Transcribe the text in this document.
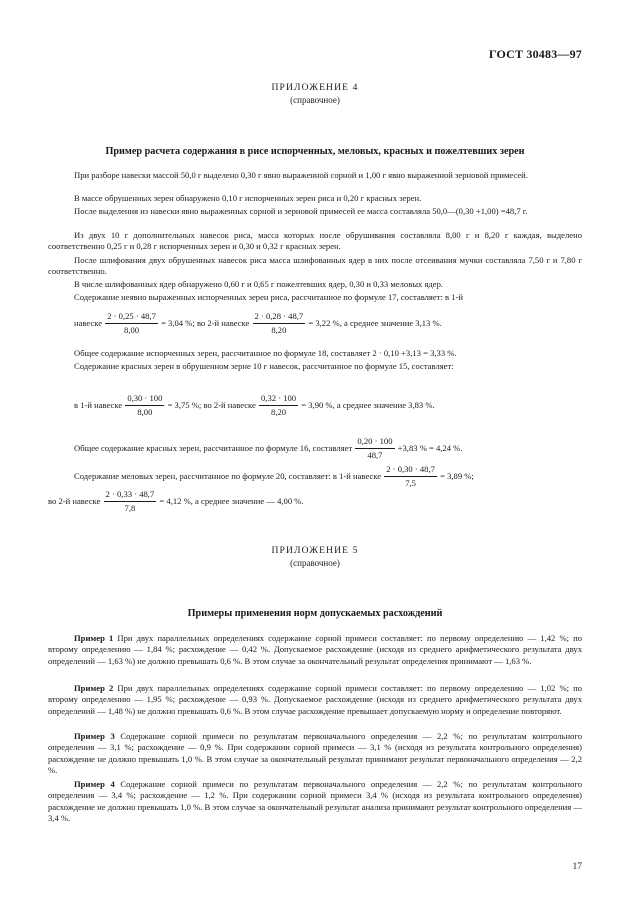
ГОСТ 30483—97
ПРИЛОЖЕНИЕ 4
(справочное)
Пример расчета содержания в рисе испорченных, меловых, красных и пожелтевших зерен
При разборе навески массой 50,0 г выделено 0,30 г явно выраженной сорной и 1,00 г явно выраженной зерновой примесей.
В массе обрушенных зерен обнаружено 0,10 г испорченных зерен риса и 0,20 г красных зерен.
После выделения из навески явно выраженных сорной и зерновой примесей ее масса составляла 50,0—(0,30 +1,00) =48,7 г.
Из двух 10 г дополнительных навесок риса, масса которых после обрушивания составляла 8,00 г и 8,20 г каждая, выделено соответственно 0,25 г и 0,28 г испорченных зерен и 0,30 и 0,32 г красных зерен.
После шлифования двух обрушенных навесок риса масса шлифованных ядер в них после отсеивания мучки составляла 7,50 г и 7,80 г соответственно.
В числе шлифованных ядер обнаружено 0,60 г и 0,65 г пожелтевших ядер, 0,30 и 0,33 меловых ядер.
Содержание неявно выраженных испорченных зерен риса, рассчитанное по формуле 17, составляет: в 1-й
навеске $\frac{2 \cdot 0,25 \cdot 48,7}{8,00} = 3,04$ %; во 2-й навеске $\frac{2 \cdot 0,28 \cdot 48,7}{8,20} = 3,22$ %, а среднее значение 3,13 %.
Общее содержание испорченных зерен, рассчитанное по формуле 18, составляет 2 · 0,10 +3,13 = 3,33 %.
Содержание красных зерен в обрушенном зерне 10 г навесок, рассчитанное по формуле 15, составляет:
в 1-й навеске $\frac{0,30 \cdot 100}{8,00} = 3,75$ %; во 2-й навеске $\frac{0,32 \cdot 100}{8,20} = 3,90$ %, а среднее значение 3,83 %.
Общее содержание красных зерен, рассчитанное по формуле 16, составляет $\frac{0,20 \cdot 100}{48,7} +3,83$ % = 4,24 %.
Содержание меловых зерен, рассчитанное по формуле 20, составляет: в 1-й навеске $\frac{2 \cdot 0,30 \cdot 48,7}{7,5} = 3,89$ %;
во 2-й навеске $\frac{2 \cdot 0,33 \cdot 48,7}{7,8} = 4,12$ %, а среднее значение — 4,00 %.
ПРИЛОЖЕНИЕ 5
(справочное)
Примеры применения норм допускаемых расхождений
Пример 1 При двух параллельных определениях содержание сорной примеси составляет: по первому определению — 1,42 %; по второму определению — 1,84 %; расхождение — 0,42 %. Допускаемое расхождение (исходя из среднего арифметического результата двух определений — 1,63 %) не должно превышать 0,6 %. В этом случае за окончательный результат определения принимают — 1,63 %.
Пример 2 При двух параллельных определениях содержание сорной примеси составляет: по первому определению — 1,02 %; по второму определению — 1,95 %; расхождение — 0,93 %. Допускаемое расхождение (исходя из среднего арифметического результата двух определений — 1,48 %) не должно превышать 0,6 %. В этом случае расхождение превышает допускаемую норму и определение повторяют.
Пример 3 Содержание сорной примеси по результатам первоначального определения — 2,2 %; по результатам контрольного определения — 3,1 %; расхождение — 0,9 %. При содержании сорной примеси — 3,1 % (исходя из результата контрольного определения) расхождение не должно превышать 1,0 %. В этом случае за окончательный результат принимают результат первоначального определения — 2,2 %.
Пример 4 Содержание сорной примеси по результатам первоначального определения — 2,2 %; по результатам контрольного определения — 3,4 %; расхождение — 1,2 %. При содержании сорной примеси 3,4 % (исходя из результата контрольного определения) расхождение не должно превышать 1,0 %. В этом случае за окончательный результат анализа принимают результат контрольного определения — 3,4 %.
17
